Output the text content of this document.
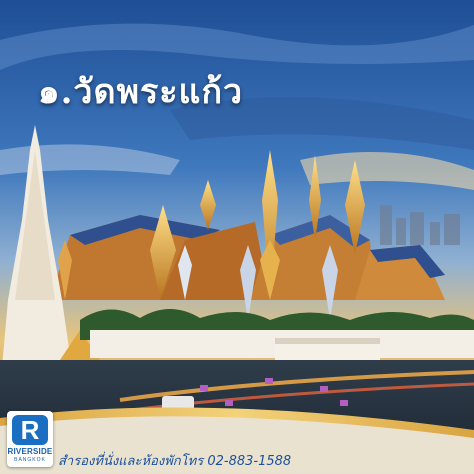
๑.วัดพระแก้ว
R
RIVERSIDE
BANGKOK สำรองที่นั่งและห้องพักโทร 02-883-1588
